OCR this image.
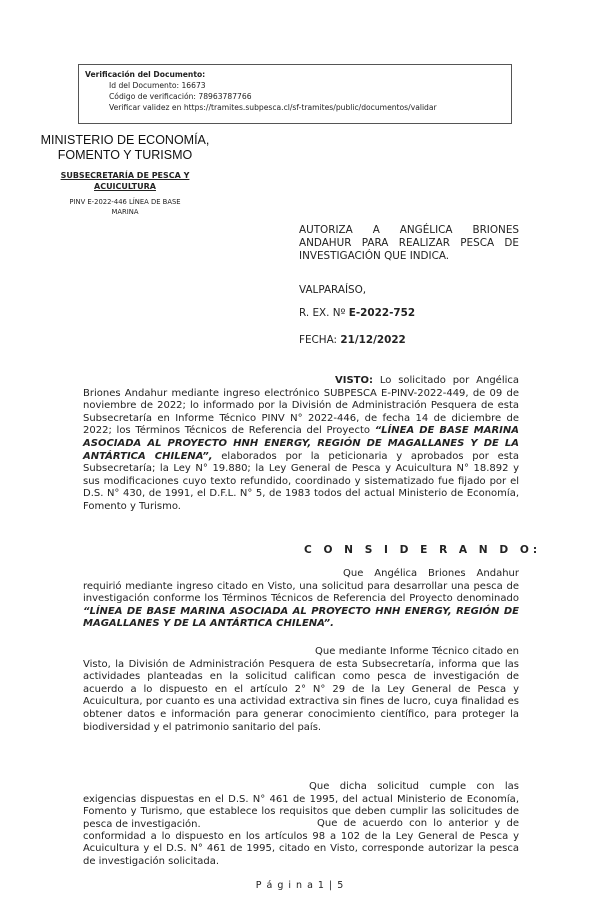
Verificación del Documento:
• Id del Documento: 16673
• Código de verificación: 78963787766
• Verificar validez en https://tramites.subpesca.cl/sf-tramites/public/documentos/validar
MINISTERIO DE ECONOMÍA,
FOMENTO Y TURISMO
SUBSECRETARÍA DE PESCA Y
ACUICULTURA
PINV E-2022-446 LÍNEA DE BASE
MARINA
AUTORIZA A ANGÉLICA BRIONES ANDAHUR PARA REALIZAR PESCA DE INVESTIGACIÓN QUE INDICA.
VALPARAÍSO,
R. EX. Nº E-2022-752
FECHA: 21/12/2022
VISTO: Lo solicitado por Angélica Briones Andahur mediante ingreso electrónico SUBPESCA E-PINV-2022-449, de 09 de noviembre de 2022; lo informado por la División de Administración Pesquera de esta Subsecretaría en Informe Técnico PINV N° 2022-446, de fecha 14 de diciembre de 2022; los Términos Técnicos de Referencia del Proyecto “LÍNEA DE BASE MARINA ASOCIADA AL PROYECTO HNH ENERGY, REGIÓN DE MAGALLANES Y DE LA ANTÁRTICA CHILENA”, elaborados por la peticionaria y aprobados por esta Subsecretaría; la Ley N° 19.880; la Ley General de Pesca y Acuicultura N° 18.892 y sus modificaciones cuyo texto refundido, coordinado y sistematizado fue fijado por el D.S. N° 430, de 1991, el D.F.L. N° 5, de 1983 todos del actual Ministerio de Economía, Fomento y Turismo.
C O N S I D E R A N D O:
Que Angélica Briones Andahur requirió mediante ingreso citado en Visto, una solicitud para desarrollar una pesca de investigación conforme los Términos Técnicos de Referencia del Proyecto denominado “LÍNEA DE BASE MARINA ASOCIADA AL PROYECTO HNH ENERGY, REGIÓN DE MAGALLANES Y DE LA ANTÁRTICA CHILENA”.
Que mediante Informe Técnico citado en Visto, la División de Administración Pesquera de esta Subsecretaría, informa que las actividades planteadas en la solicitud califican como pesca de investigación de acuerdo a lo dispuesto en el artículo 2° N° 29 de la Ley General de Pesca y Acuicultura, por cuanto es una actividad extractiva sin fines de lucro, cuya finalidad es obtener datos e información para generar conocimiento científico, para proteger la biodiversidad y el patrimonio sanitario del país.
Que dicha solicitud cumple con las exigencias dispuestas en el D.S. N° 461 de 1995, del actual Ministerio de Economía, Fomento y Turismo, que establece los requisitos que deben cumplir las solicitudes de pesca de investigación.	Que de acuerdo con lo anterior y de conformidad a lo dispuesto en los artículos 98 a 102 de la Ley General de Pesca y Acuicultura y el D.S. N° 461 de 1995, citado en Visto, corresponde autorizar la pesca de investigación solicitada.
P á g i n a 1 | 5
